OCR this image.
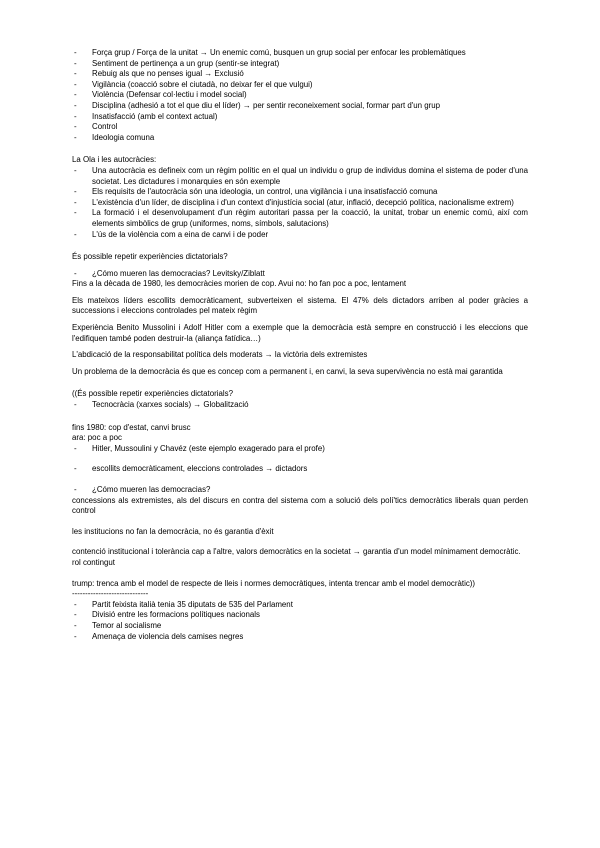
- Força grup / Força de la unitat → Un enemic comú, busquen un grup social per enfocar les problemàtiques
- Sentiment de pertinença a un grup (sentir-se integrat)
- Rebuig als que no penses igual → Exclusió
- Vigilància (coacció sobre el ciutadà, no deixar fer el que vulgui)
- Violència (Defensar col·lectiu i model social)
- Disciplina (adhesió a tot el que diu el líder) → per sentir reconeixement social, formar part d'un grup
- Insatisfacció (amb el context actual)
- Control
- Ideologia comuna

La Ola i les autocràcies:

- Una autocràcia es defineix com un règim polític en el qual un individu o grup de individus domina el sistema de poder d'una societat. Les dictadures i monarquies en són exemple
- Els requisits de l'autocràcia són una ideologia, un control, una vigilància i una insatisfacció comuna
- L'existència d'un líder, de disciplina i d'un context d'injustícia social (atur, inflació, decepció política, nacionalisme extrem)
- La formació i el desenvolupament d'un règim autoritari passa per la coacció, la unitat, trobar un enemic comú, així com elements simbòlics de grup (uniformes, noms, símbols, salutacions)
- L'ús de la violència com a eina de canvi i de poder

És possible repetir experiències dictatorials?

- ¿Cómo mueren las democracias? Levitsky/Ziblatt

Fins a la dècada de 1980, les democràcies morien de cop. Avui no: ho fan poc a poc, lentament

Els mateixos líders escollits democràticament, subverteixen el sistema. El 47% dels dictadors arriben al poder gràcies a successions i eleccions controlades pel mateix règim

Experiència Benito Mussolini i Adolf Hitler com a exemple que la democràcia està sempre en construcció i les eleccions que l'edifiquen també poden destruir-la (aliança fatídica…)

L'abdicació de la responsabilitat política dels moderats → la victòria dels extremistes

Un problema de la democràcia és que es concep com a permanent i, en canvi, la seva supervivència no està mai garantida

((És possible repetir experiències dictatorials?

- Tecnocràcia (xarxes socials) → Globalització

fins 1980: cop d'estat, canvi brusc

ara: poc a poc

- Hitler, Mussoulini y Chavéz (este ejemplo exagerado para el profe)
- escollits democràticament, eleccions controlades → dictadors
- ¿Cómo mueren las democracias?

concessions als extremistes, als del discurs en contra del sistema com a solució dels polí'tics democràtics liberals quan perden control

les institucions no fan la democràcia, no és garantia d'èxit

contenció institucional i tolerància cap a l'altre, valors democràtics en la societat → garantia d'un model mínimament democràtic.

rol contingut

trump: trenca amb el model de respecte de lleis i normes democràtiques, intenta trencar amb el model democràtic))

-----------------------------

- Partit feixista italià tenia 35 diputats de 535 del Parlament
- Divisió entre les formacions polítiques nacionals
- Temor al socialisme
- Amenaça de violencia dels camises negres
